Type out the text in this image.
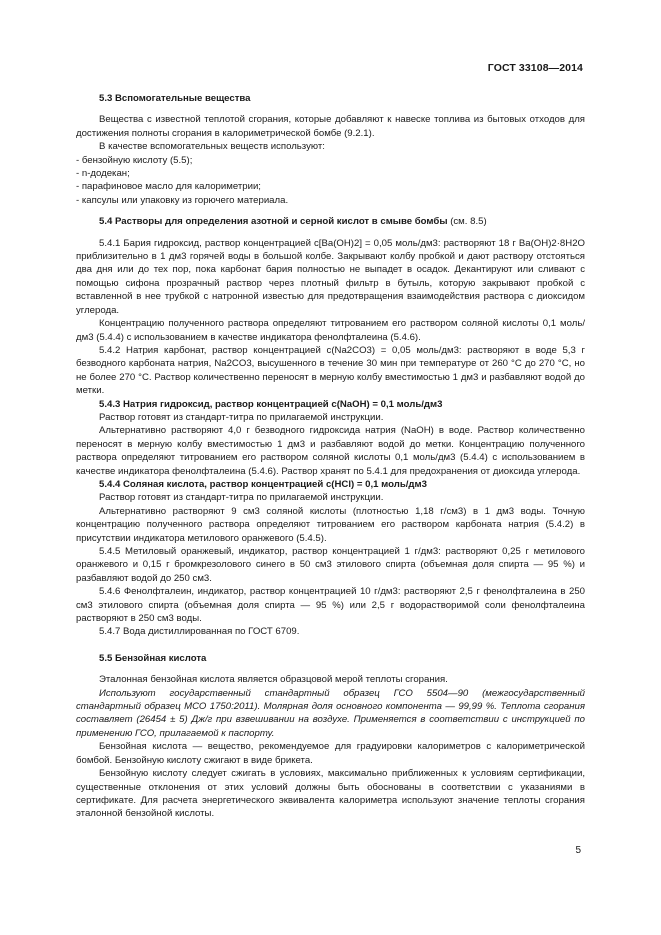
ГОСТ 33108—2014

5.3 Вспомогательные вещества

Вещества с известной теплотой сгорания, которые добавляют к навеске топлива из бытовых отходов для достижения полноты сгорания в калориметрической бомбе (9.2.1).

В качестве вспомогательных веществ используют:

- бензойную кислоту (5.5);

- n-додекан;

- парафиновое масло для калориметрии;

- капсулы или упаковку из горючего материала.

5.4 Растворы для определения азотной и серной кислот в смыве бомбы (см. 8.5)

5.4.1 Бария гидроксид, раствор концентрацией c[Ba(OH)2] = 0,05 моль/дм3: растворяют 18 г Ba(OH)2·8H2O приблизительно в 1 дм3 горячей воды в большой колбе. Закрывают колбу пробкой и дают раствору отстояться два дня или до тех пор, пока карбонат бария полностью не выпадет в осадок. Декантируют или сливают с помощью сифона прозрачный раствор через плотный фильтр в бутыль, которую закрывают пробкой с вставленной в нее трубкой с натронной известью для предотвращения взаимодействия раствора с диоксидом углерода.

Концентрацию полученного раствора определяют титрованием его раствором соляной кислоты 0,1 моль/дм3 (5.4.4) с использованием в качестве индикатора фенолфталеина (5.4.6).

5.4.2 Натрия карбонат, раствор концентрацией c(Na2CO3) = 0,05 моль/дм3: растворяют в воде 5,3 г безводного карбоната натрия, Na2CO3, высушенного в течение 30 мин при температуре от 260 °С до 270 °С, но не более 270 °С. Раствор количественно переносят в мерную колбу вместимостью 1 дм3 и разбавляют водой до метки.

5.4.3 Натрия гидроксид, раствор концентрацией c(NaOH) = 0,1 моль/дм3

Раствор готовят из стандарт-титра по прилагаемой инструкции.

Альтернативно растворяют 4,0 г безводного гидроксида натрия (NaOH) в воде. Раствор количественно переносят в мерную колбу вместимостью 1 дм3 и разбавляют водой до метки. Концентрацию полученного раствора определяют титрованием его раствором соляной кислоты 0,1 моль/дм3 (5.4.4) с использованием в качестве индикатора фенолфталеина (5.4.6). Раствор хранят по 5.4.1 для предохранения от диоксида углерода.

5.4.4 Соляная кислота, раствор концентрацией c(HCl) = 0,1 моль/дм3

Раствор готовят из стандарт-титра по прилагаемой инструкции.

Альтернативно растворяют 9 см3 соляной кислоты (плотностью 1,18 г/см3) в 1 дм3 воды. Точную концентрацию полученного раствора определяют титрованием его раствором карбоната натрия (5.4.2) в присутствии индикатора метилового оранжевого (5.4.5).

5.4.5 Метиловый оранжевый, индикатор, раствор концентрацией 1 г/дм3: растворяют 0,25 г метилового оранжевого и 0,15 г бромкрезолового синего в 50 см3 этилового спирта (объемная доля спирта — 95 %) и разбавляют водой до 250 см3.

5.4.6 Фенолфталеин, индикатор, раствор концентрацией 10 г/дм3: растворяют 2,5 г фенолфталеина в 250 см3 этилового спирта (объемная доля спирта — 95 %) или 2,5 г водорастворимой соли фенолфталеина растворяют в 250 см3 воды.

5.4.7 Вода дистиллированная по ГОСТ 6709.

5.5 Бензойная кислота

Эталонная бензойная кислота является образцовой мерой теплоты сгорания.

Используют государственный стандартный образец ГСО 5504—90 (межгосударственный стандартный образец МСО 1750:2011). Молярная доля основного компонента — 99,99 %. Теплота сгорания составляет (26454 ± 5) Дж/г при взвешивании на воздухе. Применяется в соответствии с инструкцией по применению ГСО, прилагаемой к паспорту.

Бензойная кислота — вещество, рекомендуемое для градуировки калориметров с калориметрической бомбой. Бензойную кислоту сжигают в виде брикета.

Бензойную кислоту следует сжигать в условиях, максимально приближенных к условиям сертификации, существенные отклонения от этих условий должны быть обоснованы в соответствии с указаниями в сертификате. Для расчета энергетического эквивалента калориметра используют значение теплоты сгорания эталонной бензойной кислоты.

5
